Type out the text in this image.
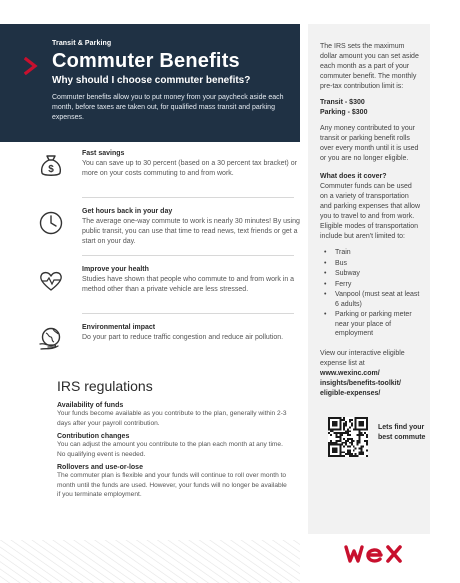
Transit & Parking
Commuter Benefits
Why should I choose commuter benefits?

Commuter benefits allow you to put money from your paycheck aside each month, before taxes are taken out, for qualified mass transit and parking expenses.

$
Fast savings
You can save up to 30 percent (based on a 30 percent tax bracket) or more on your costs commuting to and from work.
Get hours back in your day
The average one-way commute to work is nearly 30 minutes! By using public transit, you can use that time to read news, text friends or get a start on your day.
Improve your health
Studies have shown that people who commute to and from work in a method other than a private vehicle are less stressed.
Environmental impact
Do your part to reduce traffic congestion and reduce air pollution.
IRS regulations
Availability of funds
Your funds become available as you contribute to the plan, generally within 2-3 days after your payroll contribution.
Contribution changes
You can adjust the amount you contribute to the plan each month at any time. No qualifying event is needed.
Rollovers and use-or-lose
The commuter plan is flexible and your funds will continue to roll over month to month until the funds are used. However, your funds will no longer be available if you terminate employment.
The IRS sets the maximum dollar amount you can set aside each month as a part of your commuter benefit. The monthly pre-tax contribution limit is:
Transit - $300
Parking - $300
Any money contributed to your transit or parking benefit rolls over every month until it is used or you are no longer eligible.
What does it cover?
Commuter funds can be used on a variety of transportation and parking expenses that allow you to travel to and from work. Eligible modes of transportation include but aren't limited to:
• Train
• Bus
• Subway
• Ferry
• Vanpool (must seat at least 6 adults)
• Parking or parking meter near your place of employment
View our interactive eligible expense list at
www.wexinc.com/ insights/benefits-toolkit/ eligible-expenses/
Lets find your best commute
